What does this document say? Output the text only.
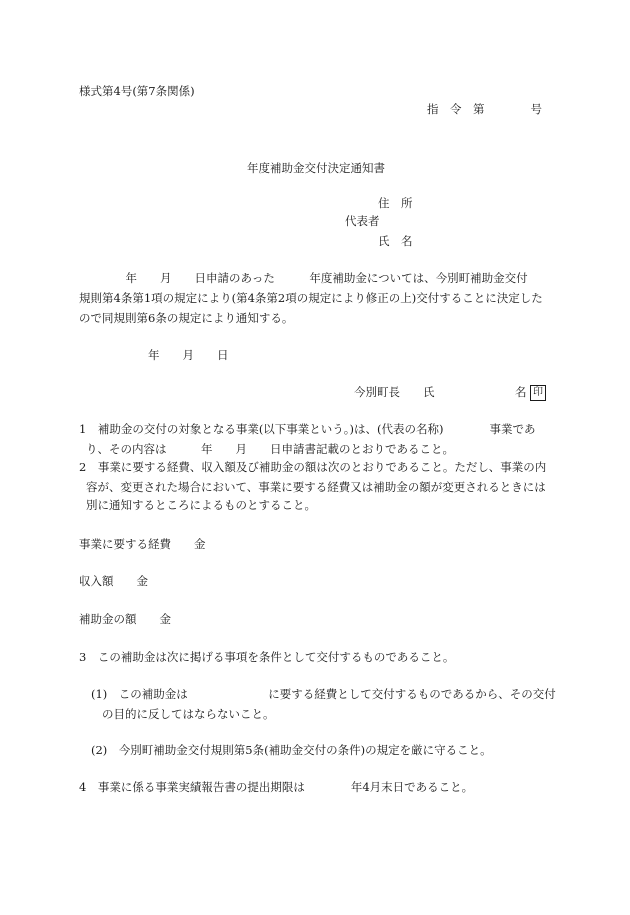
様式第4号(第7条関係)

指　令　第　　　　号

年度補助金交付決定通知書

住　所

代表者

氏　名

　　　年　　月　　日申請のあった　　　年度補助金については、今別町補助金交付

規則第4条第1項の規定により(第4条第2項の規定により修正の上)交付することに決定した

ので同規則第6条の規定により通知する。

年　　月　　日

今別町長　　氏　　　　　　　名 印

1　補助金の交付の対象となる事業(以下事業という。)は、(代表の名称)　　　　事業であ

り、その内容は　　　年　　月　　日申請書記載のとおりであること。

2　事業に要する経費、収入額及び補助金の額は次のとおりであること。ただし、事業の内

容が、変更された場合において、事業に要する経費又は補助金の額が変更されるときには

別に通知するところによるものとすること。

事業に要する経費　　金

収入額　　金

補助金の額　　金

3　この補助金は次に掲げる事項を条件として交付するものであること。

(1)　この補助金は　　　　　　　に要する経費として交付するものであるから、その交付

の目的に反してはならないこと。

(2)　今別町補助金交付規則第5条(補助金交付の条件)の規定を厳に守ること。

4　事業に係る事業実績報告書の提出期限は　　　　年4月末日であること。
